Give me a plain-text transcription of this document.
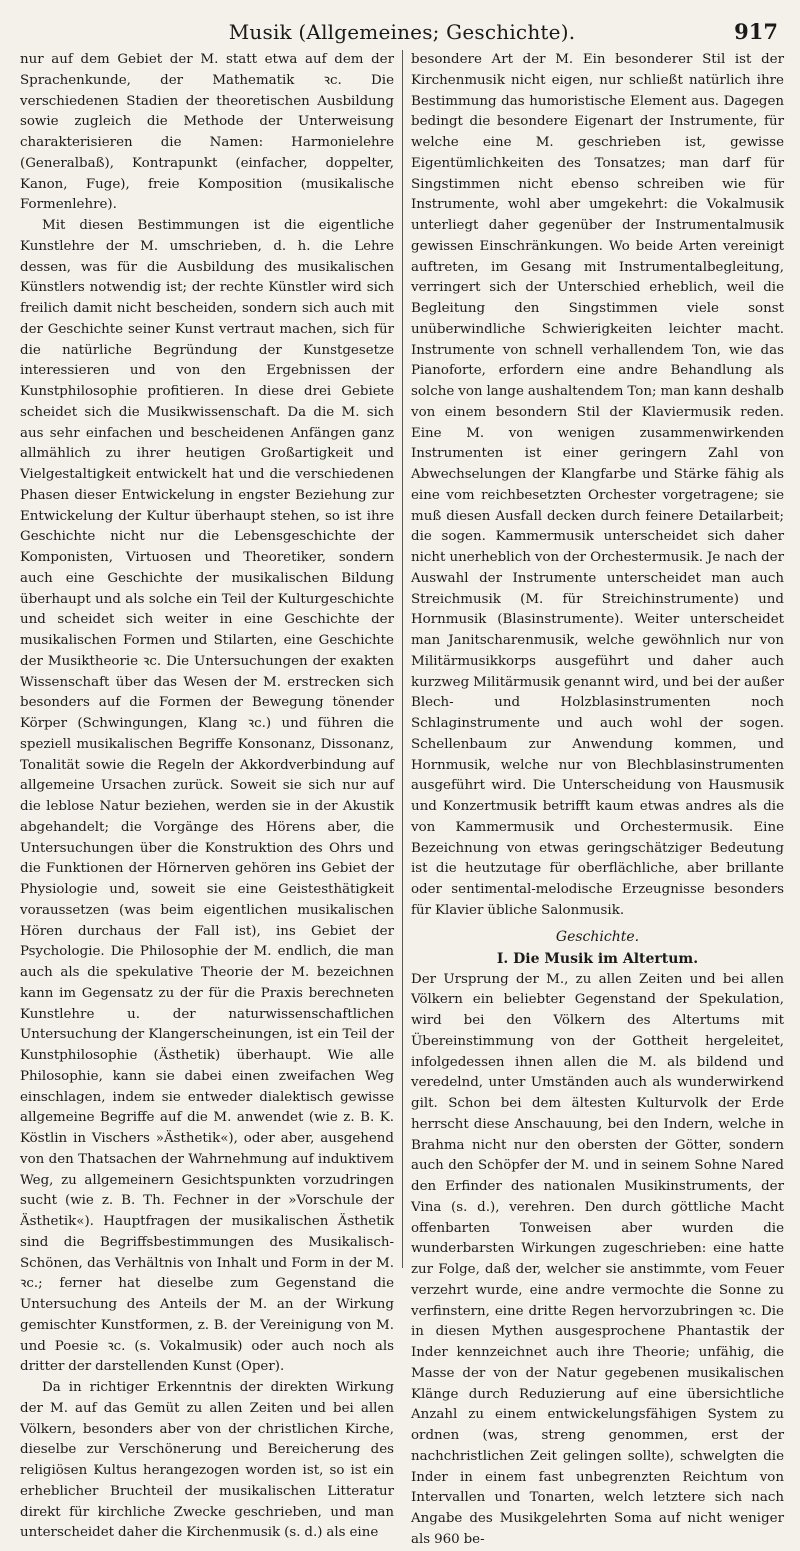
Musik (Allgemeines; Geschichte).	917

nur auf dem Gebiet der M. statt etwa auf dem der Sprachenkunde, der Mathematik ꝛc. Die verschiedenen Stadien der theoretischen Ausbildung sowie zugleich die Methode der Unterweisung charakterisieren die Namen: Harmonielehre (Generalbaß), Kontrapunkt (einfacher, doppelter, Kanon, Fuge), freie Komposition (musikalische Formenlehre).

Mit diesen Bestimmungen ist die eigentliche Kunstlehre der M. umschrieben, d. h. die Lehre dessen, was für die Ausbildung des musikalischen Künstlers notwendig ist; der rechte Künstler wird sich freilich damit nicht bescheiden, sondern sich auch mit der Geschichte seiner Kunst vertraut machen, sich für die natürliche Begründung der Kunstgesetze interessieren und von den Ergebnissen der Kunstphilosophie profitieren. In diese drei Gebiete scheidet sich die Musikwissenschaft. Da die M. sich aus sehr einfachen und bescheidenen Anfängen ganz allmählich zu ihrer heutigen Großartigkeit und Vielgestaltigkeit entwickelt hat und die verschiedenen Phasen dieser Entwickelung in engster Beziehung zur Entwickelung der Kultur überhaupt stehen, so ist ihre Geschichte nicht nur die Lebensgeschichte der Komponisten, Virtuosen und Theoretiker, sondern auch eine Geschichte der musikalischen Bildung überhaupt und als solche ein Teil der Kulturgeschichte und scheidet sich weiter in eine Geschichte der musikalischen Formen und Stilarten, eine Geschichte der Musiktheorie ꝛc. Die Untersuchungen der exakten Wissenschaft über das Wesen der M. erstrecken sich besonders auf die Formen der Bewegung tönender Körper (Schwingungen, Klang ꝛc.) und führen die speziell musikalischen Begriffe Konsonanz, Dissonanz, Tonalität sowie die Regeln der Akkordverbindung auf allgemeine Ursachen zurück. Soweit sie sich nur auf die leblose Natur beziehen, werden sie in der Akustik abgehandelt; die Vorgänge des Hörens aber, die Untersuchungen über die Konstruktion des Ohrs und die Funktionen der Hörnerven gehören ins Gebiet der Physiologie und, soweit sie eine Geistesthätigkeit voraussetzen (was beim eigentlichen musikalischen Hören durchaus der Fall ist), ins Gebiet der Psychologie. Die Philosophie der M. endlich, die man auch als die spekulative Theorie der M. bezeichnen kann im Gegensatz zu der für die Praxis berechneten Kunstlehre u. der naturwissenschaftlichen Untersuchung der Klangerscheinungen, ist ein Teil der Kunstphilosophie (Ästhetik) überhaupt. Wie alle Philosophie, kann sie dabei einen zweifachen Weg einschlagen, indem sie entweder dialektisch gewisse allgemeine Begriffe auf die M. anwendet (wie z. B. K. Köstlin in Vischers »Ästhetik«), oder aber, ausgehend von den Thatsachen der Wahrnehmung auf induktivem Weg, zu allgemeinern Gesichtspunkten vorzudringen sucht (wie z. B. Th. Fechner in der »Vorschule der Ästhetik«). Hauptfragen der musikalischen Ästhetik sind die Begriffsbestimmungen des Musikalisch-Schönen, das Verhältnis von Inhalt und Form in der M. ꝛc.; ferner hat dieselbe zum Gegenstand die Untersuchung des Anteils der M. an der Wirkung gemischter Kunstformen, z. B. der Vereinigung von M. und Poesie ꝛc. (s. Vokalmusik) oder auch noch als dritter der darstellenden Kunst (Oper).

Da in richtiger Erkenntnis der direkten Wirkung der M. auf das Gemüt zu allen Zeiten und bei allen Völkern, besonders aber von der christlichen Kirche, dieselbe zur Verschönerung und Bereicherung des religiösen Kultus herangezogen worden ist, so ist ein erheblicher Bruchteil der musikalischen Litteratur direkt für kirchliche Zwecke geschrieben, und man unterscheidet daher die Kirchenmusik (s. d.) als eine

besondere Art der M. Ein besonderer Stil ist der Kirchenmusik nicht eigen, nur schließt natürlich ihre Bestimmung das humoristische Element aus. Dagegen bedingt die besondere Eigenart der Instrumente, für welche eine M. geschrieben ist, gewisse Eigentümlichkeiten des Tonsatzes; man darf für Singstimmen nicht ebenso schreiben wie für Instrumente, wohl aber umgekehrt: die Vokalmusik unterliegt daher gegenüber der Instrumentalmusik gewissen Einschränkungen. Wo beide Arten vereinigt auftreten, im Gesang mit Instrumentalbegleitung, verringert sich der Unterschied erheblich, weil die Begleitung den Singstimmen viele sonst unüberwindliche Schwierigkeiten leichter macht. Instrumente von schnell verhallendem Ton, wie das Pianoforte, erfordern eine andre Behandlung als solche von lange aushaltendem Ton; man kann deshalb von einem besondern Stil der Klaviermusik reden. Eine M. von wenigen zusammenwirkenden Instrumenten ist einer geringern Zahl von Abwechselungen der Klangfarbe und Stärke fähig als eine vom reichbesetzten Orchester vorgetragene; sie muß diesen Ausfall decken durch feinere Detailarbeit; die sogen. Kammermusik unterscheidet sich daher nicht unerheblich von der Orchestermusik. Je nach der Auswahl der Instrumente unterscheidet man auch Streichmusik (M. für Streichinstrumente) und Hornmusik (Blasinstrumente). Weiter unterscheidet man Janitscharenmusik, welche gewöhnlich nur von Militärmusikkorps ausgeführt und daher auch kurzweg Militärmusik genannt wird, und bei der außer Blech- und Holzblasinstrumenten noch Schlaginstrumente und auch wohl der sogen. Schellenbaum zur Anwendung kommen, und Hornmusik, welche nur von Blechblasinstrumenten ausgeführt wird. Die Unterscheidung von Hausmusik und Konzertmusik betrifft kaum etwas andres als die von Kammermusik und Orchestermusik. Eine Bezeichnung von etwas geringschätziger Bedeutung ist die heutzutage für oberflächliche, aber brillante oder sentimental-melodische Erzeugnisse besonders für Klavier übliche Salonmusik.

Geschichte.
I. Die Musik im Altertum.

Der Ursprung der M., zu allen Zeiten und bei allen Völkern ein beliebter Gegenstand der Spekulation, wird bei den Völkern des Altertums mit Übereinstimmung von der Gottheit hergeleitet, infolgedessen ihnen allen die M. als bildend und veredelnd, unter Umständen auch als wunderwirkend gilt. Schon bei dem ältesten Kulturvolk der Erde herrscht diese Anschauung, bei den Indern, welche in Brahma nicht nur den obersten der Götter, sondern auch den Schöpfer der M. und in seinem Sohne Nared den Erfinder des nationalen Musikinstruments, der Vina (s. d.), verehren. Den durch göttliche Macht offenbarten Tonweisen aber wurden die wunderbarsten Wirkungen zugeschrieben: eine hatte zur Folge, daß der, welcher sie anstimmte, vom Feuer verzehrt wurde, eine andre vermochte die Sonne zu verfinstern, eine dritte Regen hervorzubringen ꝛc. Die in diesen Mythen ausgesprochene Phantastik der Inder kennzeichnet auch ihre Theorie; unfähig, die Masse der von der Natur gegebenen musikalischen Klänge durch Reduzierung auf eine übersichtliche Anzahl zu einem entwickelungsfähigen System zu ordnen (was, streng genommen, erst der nachchristlichen Zeit gelingen sollte), schwelgten die Inder in einem fast unbegrenzten Reichtum von Intervallen und Tonarten, welch letztere sich nach Angabe des Musikgelehrten Soma auf nicht weniger als 960 be-
